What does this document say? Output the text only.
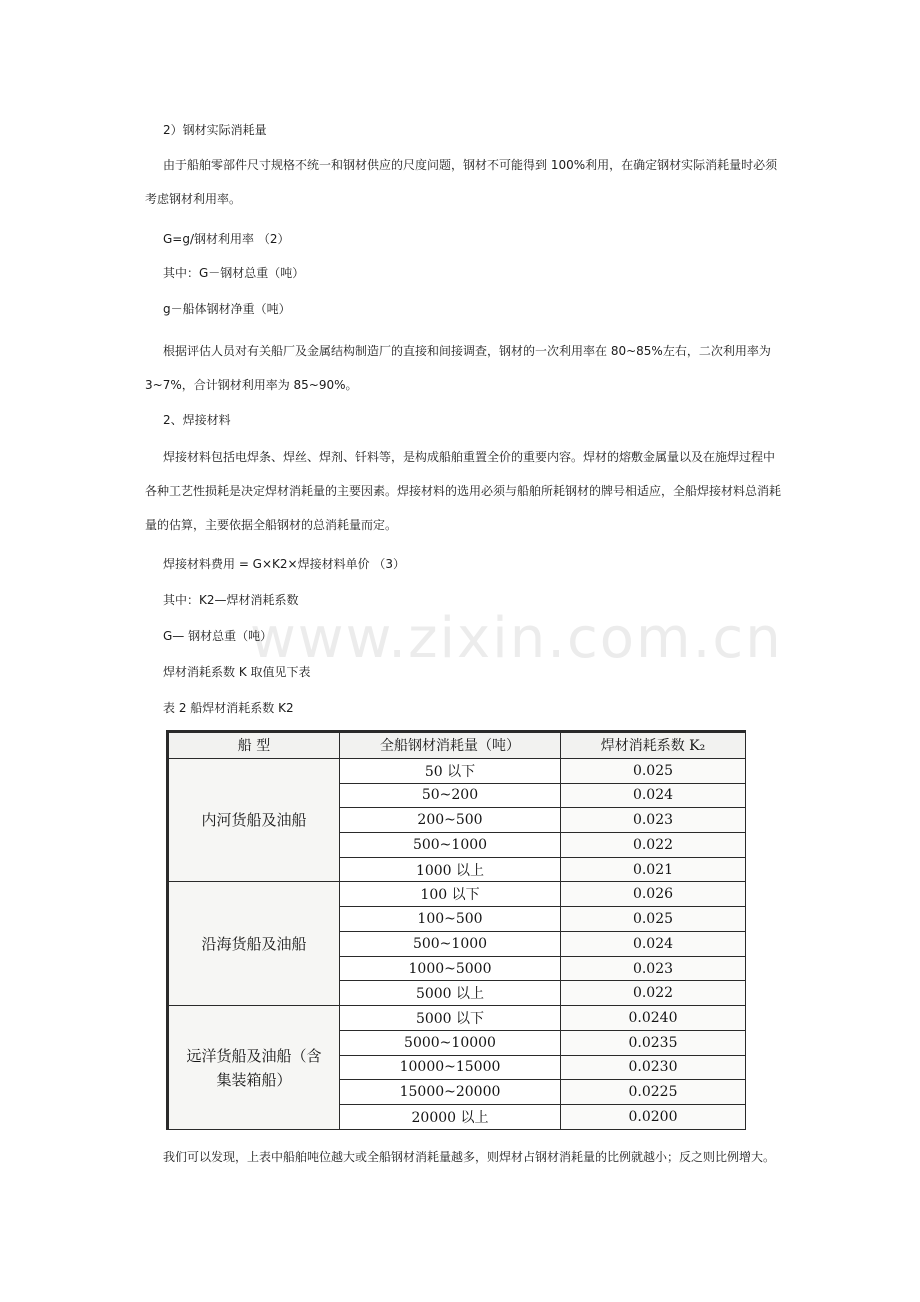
www.zixin.com.cn
2）钢材实际消耗量
由于船舶零部件尺寸规格不统一和钢材供应的尺度问题，钢材不可能得到 100%利用，在确定钢材实际消耗量时必须考虑钢材利用率。
G=g/钢材利用率 （2）
其中：G－钢材总重（吨）
g－船体钢材净重（吨）
根据评估人员对有关船厂及金属结构制造厂的直接和间接调查，钢材的一次利用率在 80~85%左右，二次利用率为 3~7%，合计钢材利用率为 85~90%。
2、焊接材料
焊接材料包括电焊条、焊丝、焊剂、钎料等，是构成船舶重置全价的重要内容。焊材的熔敷金属量以及在施焊过程中各种工艺性损耗是决定焊材消耗量的主要因素。焊接材料的选用必须与船舶所耗钢材的牌号相适应，全船焊接材料总消耗量的估算，主要依据全船钢材的总消耗量而定。
焊接材料费用 = G×K2×焊接材料单价 （3）
其中：K2—焊材消耗系数
G— 钢材总重（吨）
焊材消耗系数 K 取值见下表
表 2 船焊材消耗系数 K2
船 型	全船钢材消耗量（吨）	焊材消耗系数 K₂
内河货船及油船	50 以下	0.025
	50~200	0.024
	200~500	0.023
	500~1000	0.022
	1000 以上	0.021
沿海货船及油船	100 以下	0.026
	100~500	0.025
	500~1000	0.024
	1000~5000	0.023
	5000 以上	0.022
远洋货船及油船（含集装箱船）	5000 以下	0.0240
	5000~10000	0.0235
	10000~15000	0.0230
	15000~20000	0.0225
	20000 以上	0.0200
我们可以发现，上表中船舶吨位越大或全船钢材消耗量越多，则焊材占钢材消耗量的比例就越小；反之则比例增大。
